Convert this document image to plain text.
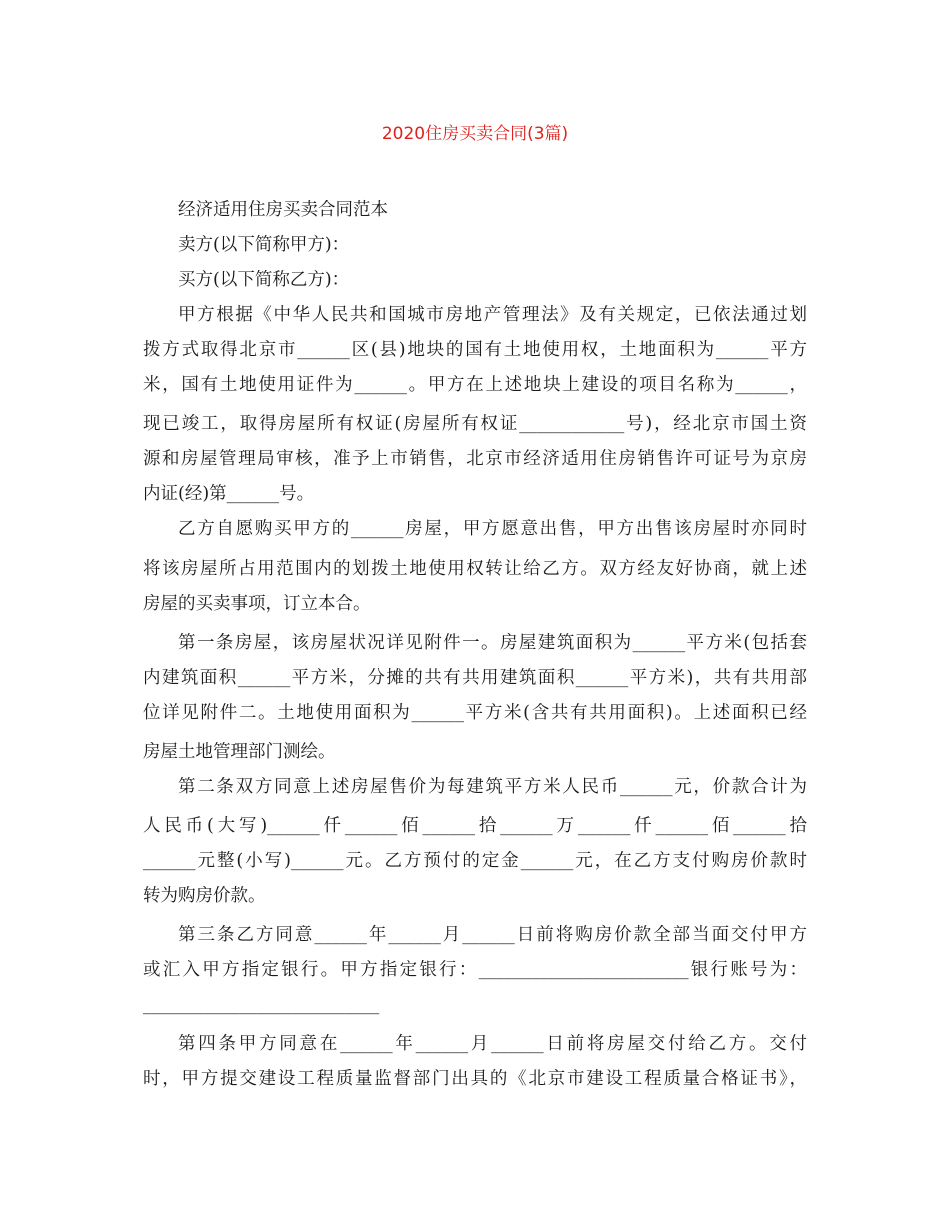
2020住房买卖合同(3篇)
经济适用住房买卖合同范本
卖方(以下简称甲方)：
买方(以下简称乙方)：
甲方根据《中华人民共和国城市房地产管理法》及有关规定，已依法通过划
拨方式取得北京市______区(县)地块的国有土地使用权，土地面积为______平方
米，国有土地使用证件为______。甲方在上述地块上建设的项目名称为______，
现已竣工，取得房屋所有权证(房屋所有权证____________号)，经北京市国土资
源和房屋管理局审核，准予上市销售，北京市经济适用住房销售许可证号为京房
内证(经)第______号。
乙方自愿购买甲方的______房屋，甲方愿意出售，甲方出售该房屋时亦同时
将该房屋所占用范围内的划拨土地使用权转让给乙方。双方经友好协商，就上述
房屋的买卖事项，订立本合。
第一条房屋，该房屋状况详见附件一。房屋建筑面积为______平方米(包括套
内建筑面积______平方米，分摊的共有共用建筑面积______平方米)，共有共用部
位详见附件二。土地使用面积为______平方米(含共有共用面积)。上述面积已经
房屋土地管理部门测绘。
第二条双方同意上述房屋售价为每建筑平方米人民币______元，价款合计为
人民币(大写)______仟______佰______拾______万______仟______佰______拾
______元整(小写)______元。乙方预付的定金______元，在乙方支付购房价款时
转为购房价款。
第三条乙方同意______年______月______日前将购房价款全部当面交付甲方
或汇入甲方指定银行。甲方指定银行：________________________银行账号为：
___________________________
第四条甲方同意在______年______月______日前将房屋交付给乙方。交付
时，甲方提交建设工程质量监督部门出具的《北京市建设工程质量合格证书》，
